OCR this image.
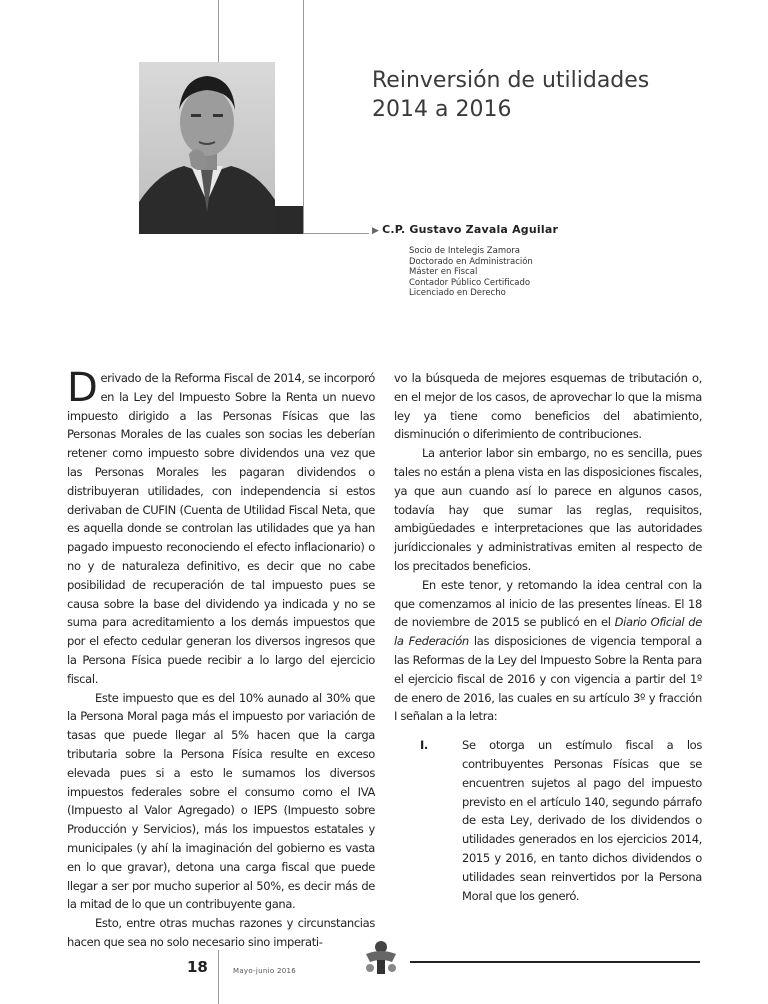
Reinversión de utilidades
2014 a 2016
▶ C.P. Gustavo Zavala Aguilar
Socio de Intelegis Zamora
Doctorado en Administración
Máster en Fiscal
Contador Público Certificado
Licenciado en Derecho

Derivado de la Reforma Fiscal de 2014, se incorporó en la Ley del Impuesto Sobre la Renta un nuevo impuesto dirigido a las Personas Físicas que las Personas Morales de las cuales son socias les deberían retener como impuesto sobre dividendos una vez que las Personas Morales les pagaran dividendos o distribuyeran utilidades, con independencia si estos derivaban de CUFIN (Cuenta de Utilidad Fiscal Neta, que es aquella donde se controlan las utilidades que ya han pagado impuesto reconociendo el efecto inflacionario) o no y de naturaleza definitivo, es decir que no cabe posibilidad de recuperación de tal impuesto pues se causa sobre la base del dividendo ya indicada y no se suma para acreditamiento a los demás impuestos que por el efecto cedular generan los diversos ingresos que la Persona Física puede recibir a lo largo del ejercicio fiscal.

Este impuesto que es del 10% aunado al 30% que la Persona Moral paga más el impuesto por variación de tasas que puede llegar al 5% hacen que la carga tributaria sobre la Persona Física resulte en exceso elevada pues si a esto le sumamos los diversos impuestos federales sobre el consumo como el IVA (Impuesto al Valor Agregado) o IEPS (Impuesto sobre Producción y Servicios), más los impuestos estatales y municipales (y ahí la imaginación del gobierno es vasta en lo que gravar), detona una carga fiscal que puede llegar a ser por mucho superior al 50%, es decir más de la mitad de lo que un contribuyente gana.

Esto, entre otras muchas razones y circunstancias hacen que sea no solo necesario sino imperati-

vo la búsqueda de mejores esquemas de tributación o, en el mejor de los casos, de aprovechar lo que la misma ley ya tiene como beneficios del abatimiento, disminución o diferimiento de contribuciones.

La anterior labor sin embargo, no es sencilla, pues tales no están a plena vista en las disposiciones fiscales, ya que aun cuando así lo parece en algunos casos, todavía hay que sumar las reglas, requisitos, ambigüedades e interpretaciones que las autoridades jurídiccionales y administrativas emiten al respecto de los precitados beneficios.

En este tenor, y retomando la idea central con la que comenzamos al inicio de las presentes líneas. El 18 de noviembre de 2015 se publicó en el Diario Oficial de la Federación las disposiciones de vigencia temporal a las Reformas de la Ley del Impuesto Sobre la Renta para el ejercicio fiscal de 2016 y con vigencia a partir del 1º de enero de 2016, las cuales en su artículo 3º y fracción I señalan a la letra:

I.	Se otorga un estímulo fiscal a los contribuyentes Personas Físicas que se encuentren sujetos al pago del impuesto previsto en el artículo 140, segundo párrafo de esta Ley, derivado de los dividendos o utilidades generados en los ejercicios 2014, 2015 y 2016, en tanto dichos dividendos o utilidades sean reinvertidos por la Persona Moral que los generó.
18	Mayo-junio 2016
